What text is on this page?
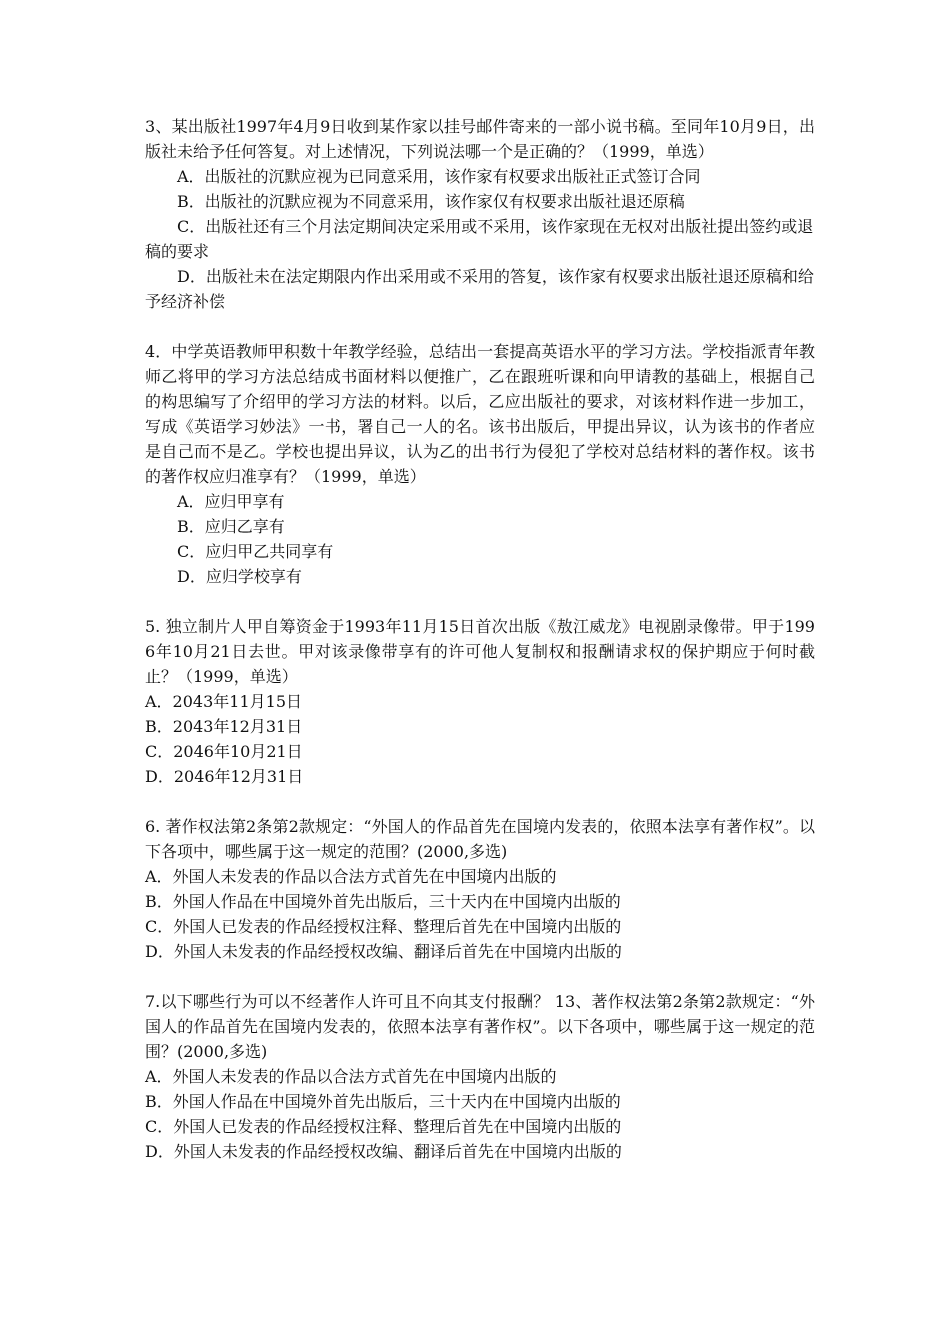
3、某出版社1997年4月9日收到某作家以挂号邮件寄来的一部小说书稿。至同年10月9日，出版社未给予任何答复。对上述情况，下列说法哪一个是正确的？（1999，单选）

A．出版社的沉默应视为已同意采用，该作家有权要求出版社正式签订合同

B．出版社的沉默应视为不同意采用，该作家仅有权要求出版社退还原稿

C．出版社还有三个月法定期间决定采用或不采用，该作家现在无权对出版社提出签约或退稿的要求

D．出版社未在法定期限内作出采用或不采用的答复，该作家有权要求出版社退还原稿和给予经济补偿

4．中学英语教师甲积数十年教学经验，总结出一套提高英语水平的学习方法。学校指派青年教师乙将甲的学习方法总结成书面材料以便推广，乙在跟班听课和向甲请教的基础上，根据自己的构思编写了介绍甲的学习方法的材料。以后，乙应出版社的要求，对该材料作进一步加工，写成《英语学习妙法》一书，署自己一人的名。该书出版后，甲提出异议，认为该书的作者应是自己而不是乙。学校也提出异议，认为乙的出书行为侵犯了学校对总结材料的著作权。该书的著作权应归准享有？（1999，单选）

A．应归甲享有

B．应归乙享有

C．应归甲乙共同享有

D．应归学校享有

5. 独立制片人甲自筹资金于1993年11月15日首次出版《敖江威龙》电视剧录像带。甲于1996年10月21日去世。甲对该录像带享有的许可他人复制权和报酬请求权的保护期应于何时截止？（1999，单选）

A．2043年11月15日

B．2043年12月31日

C．2046年10月21日

D．2046年12月31日

6. 著作权法第2条第2款规定：“外国人的作品首先在国境内发表的，依照本法享有著作权”。以下各项中，哪些属于这一规定的范围？(2000,多选)

A．外国人未发表的作品以合法方式首先在中国境内出版的

B．外国人作品在中国境外首先出版后，三十天内在中国境内出版的

C．外国人已发表的作品经授权注释、整理后首先在中国境内出版的

D．外国人未发表的作品经授权改编、翻译后首先在中国境内出版的

7.以下哪些行为可以不经著作人许可且不向其支付报酬？ 13、著作权法第2条第2款规定：“外国人的作品首先在国境内发表的，依照本法享有著作权”。以下各项中，哪些属于这一规定的范围？(2000,多选)

A．外国人未发表的作品以合法方式首先在中国境内出版的

B．外国人作品在中国境外首先出版后，三十天内在中国境内出版的

C．外国人已发表的作品经授权注释、整理后首先在中国境内出版的

D．外国人未发表的作品经授权改编、翻译后首先在中国境内出版的
